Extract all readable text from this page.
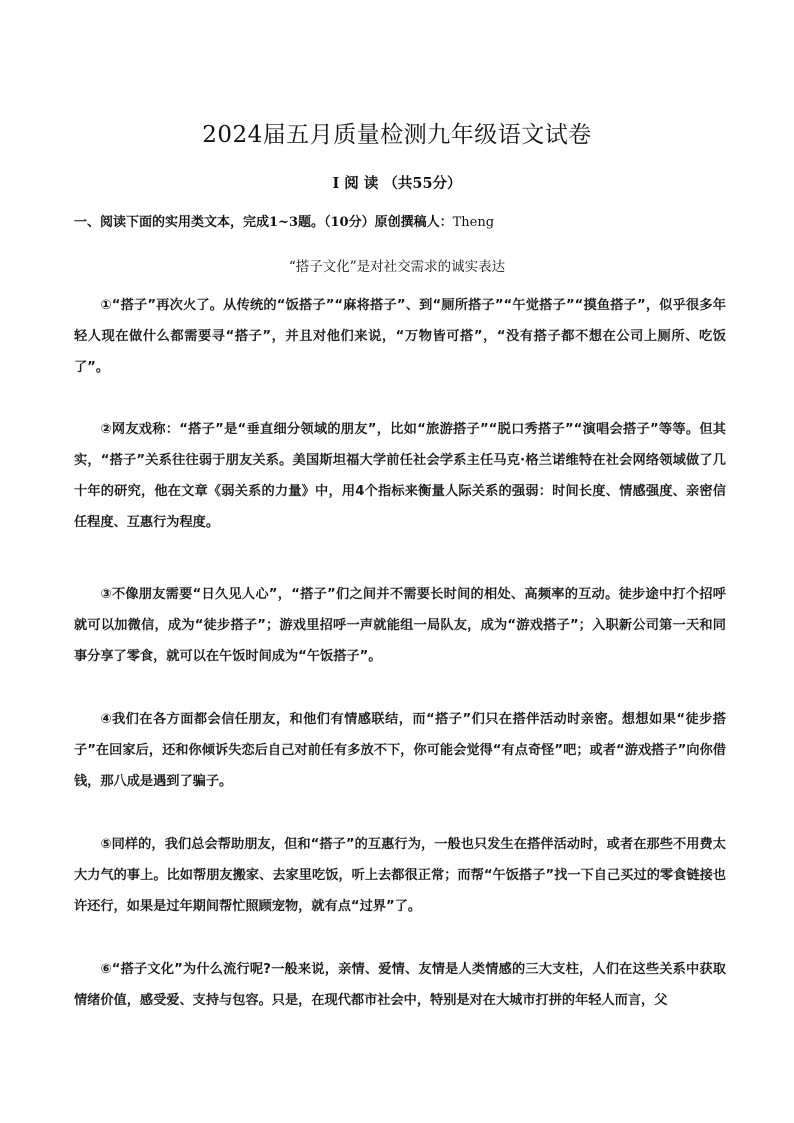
2024届五月质量检测九年级语文试卷
Ⅰ 阅 读 （共55分）
一、阅读下面的实用类文本，完成1~3题。（10分）原创撰稿人：Theng
“搭子文化”是对社交需求的诚实表达

①“搭子”再次火了。从传统的“饭搭子”“麻将搭子”、到“厕所搭子”“午觉搭子”“摸鱼搭子”，似乎很多年轻人现在做什么都需要寻“搭子”，并且对他们来说，“万物皆可搭”，“没有搭子都不想在公司上厕所、吃饭了”。

②网友戏称：“搭子”是“垂直细分领域的朋友”，比如“旅游搭子”“脱口秀搭子”“演唱会搭子”等等。但其实，“搭子”关系往往弱于朋友关系。美国斯坦福大学前任社会学系主任马克·格兰诺维特在社会网络领域做了几十年的研究，他在文章《弱关系的力量》中，用4个指标来衡量人际关系的强弱：时间长度、情感强度、亲密信任程度、互惠行为程度。

③不像朋友需要“日久见人心”，“搭子”们之间并不需要长时间的相处、高频率的互动。徒步途中打个招呼就可以加微信，成为“徒步搭子”；游戏里招呼一声就能组一局队友，成为“游戏搭子”；入职新公司第一天和同事分享了零食，就可以在午饭时间成为“午饭搭子”。

④我们在各方面都会信任朋友，和他们有情感联结，而“搭子”们只在搭伴活动时亲密。想想如果“徒步搭子”在回家后，还和你倾诉失恋后自己对前任有多放不下，你可能会觉得“有点奇怪”吧；或者“游戏搭子”向你借钱，那八成是遇到了骗子。

⑤同样的，我们总会帮助朋友，但和“搭子”的互惠行为，一般也只发生在搭伴活动时，或者在那些不用费太大力气的事上。比如帮朋友搬家、去家里吃饭，听上去都很正常；而帮“午饭搭子”找一下自己买过的零食链接也许还行，如果是过年期间帮忙照顾宠物，就有点“过界”了。

⑥“搭子文化”为什么流行呢?一般来说，亲情、爱情、友情是人类情感的三大支柱，人们在这些关系中获取情绪价值，感受爱、支持与包容。只是，在现代都市社会中，特别是对在大城市打拼的年轻人而言，父
